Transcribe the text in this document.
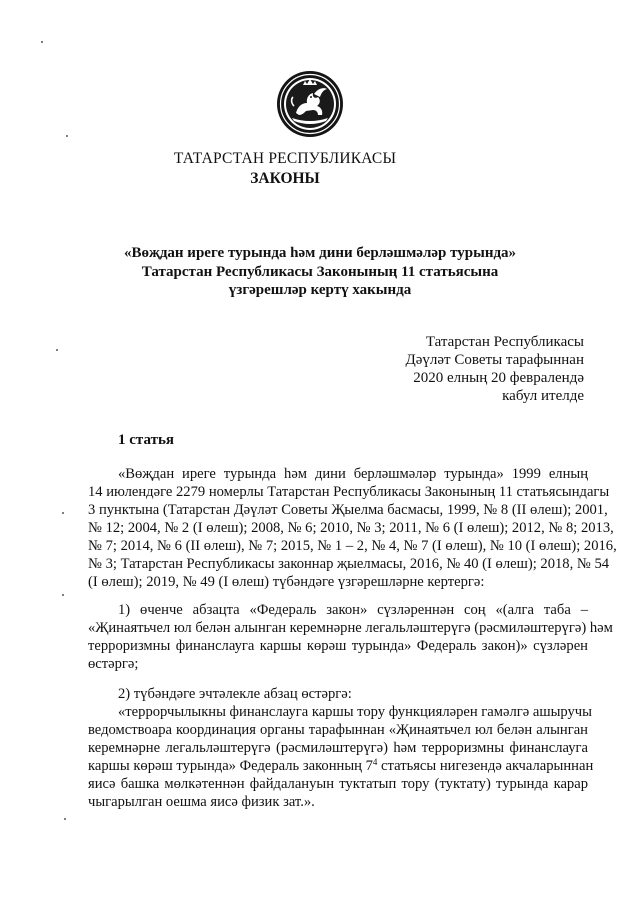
ТАТАРСТАН РЕСПУБЛИКАСЫ
ЗАКОНЫ
«Вөҗдан иреге турында һәм дини берләшмәләр турында»
Татарстан Республикасы Законының 11 статьясына
үзгәрешләр кертү хакында
Татарстан Республикасы
Дәүләт Советы тарафыннан
2020 елның 20 февралендә
кабул ителде
1 статья
«Вөҗдан иреге турында һәм дини берләшмәләр турында» 1999 елның
14 июлендәге 2279 номерлы Татарстан Республикасы Законының 11 статьясындагы
3 пунктына (Татарстан Дәүләт Советы Җыелма басмасы, 1999, № 8 (II өлеш); 2001,
№ 12; 2004, № 2 (I өлеш); 2008, № 6; 2010, № 3; 2011, № 6 (I өлеш); 2012, № 8; 2013,
№ 7; 2014, № 6 (II өлеш), № 7; 2015, № 1 – 2, № 4, № 7 (I өлеш), № 10 (I өлеш); 2016,
№ 3; Татарстан Республикасы законнар җыелмасы, 2016, № 40 (I өлеш); 2018, № 54
(I өлеш); 2019, № 49 (I өлеш) түбәндәге үзгәрешләрне кертергә:
1) өченче абзацта «Федераль закон» сүзләреннән соң «(алга таба –
«Җинаятьчел юл белән алынган керемнәрне легальләштерүгә (рәсмиләштерүгә) һәм
терроризмны финанслауга каршы көрәш турында» Федераль закон)» сүзләрен
өстәргә;
2) түбәндәге эчтәлекле абзац өстәргә:
«террорчылыкны финанслауга каршы тору функцияләрен гамәлгә ашыручы
ведомствоара координация органы тарафыннан «Җинаятьчел юл белән алынган
керемнәрне легальләштерүгә (рәсмиләштерүгә) һәм терроризмны финанслауга
каршы көрәш турында» Федераль законның $7^4$ статьясы нигезендә акчаларыннан
яисә башка мөлкәтеннән файдалануын туктатып тору (туктату) турында карар
чыгарылган оешма яисә физик зат.».
